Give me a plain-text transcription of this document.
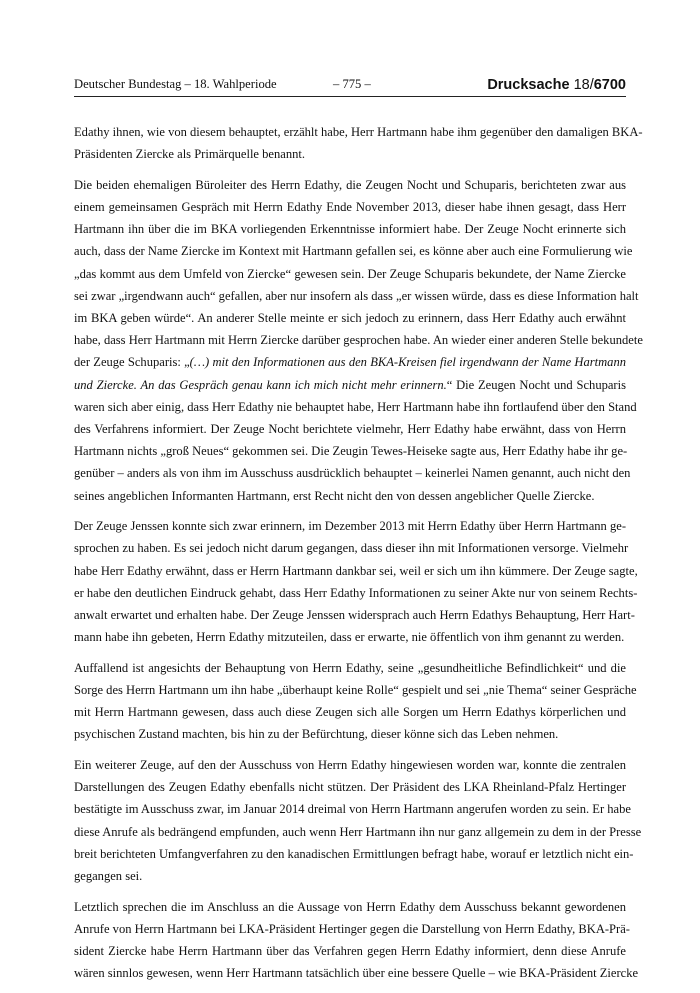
Deutscher Bundestag – 18. Wahlperiode	– 775 –	Drucksache 18/6700
Edathy ihnen, wie von diesem behauptet, erzählt habe, Herr Hartmann habe ihm gegenüber den damaligen BKA-
Präsidenten Ziercke als Primärquelle benannt.
Die beiden ehemaligen Büroleiter des Herrn Edathy, die Zeugen Nocht und Schuparis, berichteten zwar aus
einem gemeinsamen Gespräch mit Herrn Edathy Ende November 2013, dieser habe ihnen gesagt, dass Herr
Hartmann ihn über die im BKA vorliegenden Erkenntnisse informiert habe. Der Zeuge Nocht erinnerte sich
auch, dass der Name Ziercke im Kontext mit Hartmann gefallen sei, es könne aber auch eine Formulierung wie
„das kommt aus dem Umfeld von Ziercke“ gewesen sein. Der Zeuge Schuparis bekundete, der Name Ziercke
sei zwar „irgendwann auch“ gefallen, aber nur insofern als dass „er wissen würde, dass es diese Information halt
im BKA geben würde“. An anderer Stelle meinte er sich jedoch zu erinnern, dass Herr Edathy auch erwähnt
habe, dass Herr Hartmann mit Herrn Ziercke darüber gesprochen habe. An wieder einer anderen Stelle bekundete
der Zeuge Schuparis: „(…) mit den Informationen aus den BKA-Kreisen fiel irgendwann der Name Hartmann
und Ziercke. An das Gespräch genau kann ich mich nicht mehr erinnern.“ Die Zeugen Nocht und Schuparis
waren sich aber einig, dass Herr Edathy nie behauptet habe, Herr Hartmann habe ihn fortlaufend über den Stand
des Verfahrens informiert. Der Zeuge Nocht berichtete vielmehr, Herr Edathy habe erwähnt, dass von Herrn
Hartmann nichts „groß Neues“ gekommen sei. Die Zeugin Tewes-Heiseke sagte aus, Herr Edathy habe ihr ge-
genüber – anders als von ihm im Ausschuss ausdrücklich behauptet – keinerlei Namen genannt, auch nicht den
seines angeblichen Informanten Hartmann, erst Recht nicht den von dessen angeblicher Quelle Ziercke.
Der Zeuge Jenssen konnte sich zwar erinnern, im Dezember 2013 mit Herrn Edathy über Herrn Hartmann ge-
sprochen zu haben. Es sei jedoch nicht darum gegangen, dass dieser ihn mit Informationen versorge. Vielmehr
habe Herr Edathy erwähnt, dass er Herrn Hartmann dankbar sei, weil er sich um ihn kümmere. Der Zeuge sagte,
er habe den deutlichen Eindruck gehabt, dass Herr Edathy Informationen zu seiner Akte nur von seinem Rechts-
anwalt erwartet und erhalten habe. Der Zeuge Jenssen widersprach auch Herrn Edathys Behauptung, Herr Hart-
mann habe ihn gebeten, Herrn Edathy mitzuteilen, dass er erwarte, nie öffentlich von ihm genannt zu werden.
Auffallend ist angesichts der Behauptung von Herrn Edathy, seine „gesundheitliche Befindlichkeit“ und die
Sorge des Herrn Hartmann um ihn habe „überhaupt keine Rolle“ gespielt und sei „nie Thema“ seiner Gespräche
mit Herrn Hartmann gewesen, dass auch diese Zeugen sich alle Sorgen um Herrn Edathys körperlichen und
psychischen Zustand machten, bis hin zu der Befürchtung, dieser könne sich das Leben nehmen.
Ein weiterer Zeuge, auf den der Ausschuss von Herrn Edathy hingewiesen worden war, konnte die zentralen
Darstellungen des Zeugen Edathy ebenfalls nicht stützen. Der Präsident des LKA Rheinland-Pfalz Hertinger
bestätigte im Ausschuss zwar, im Januar 2014 dreimal von Herrn Hartmann angerufen worden zu sein. Er habe
diese Anrufe als bedrängend empfunden, auch wenn Herr Hartmann ihn nur ganz allgemein zu dem in der Presse
breit berichteten Umfangverfahren zu den kanadischen Ermittlungen befragt habe, worauf er letztlich nicht ein-
gegangen sei.
Letztlich sprechen die im Anschluss an die Aussage von Herrn Edathy dem Ausschuss bekannt gewordenen
Anrufe von Herrn Hartmann bei LKA-Präsident Hertinger gegen die Darstellung von Herrn Edathy, BKA-Prä-
sident Ziercke habe Herrn Hartmann über das Verfahren gegen Herrn Edathy informiert, denn diese Anrufe
wären sinnlos gewesen, wenn Herr Hartmann tatsächlich über eine bessere Quelle – wie BKA-Präsident Ziercke
